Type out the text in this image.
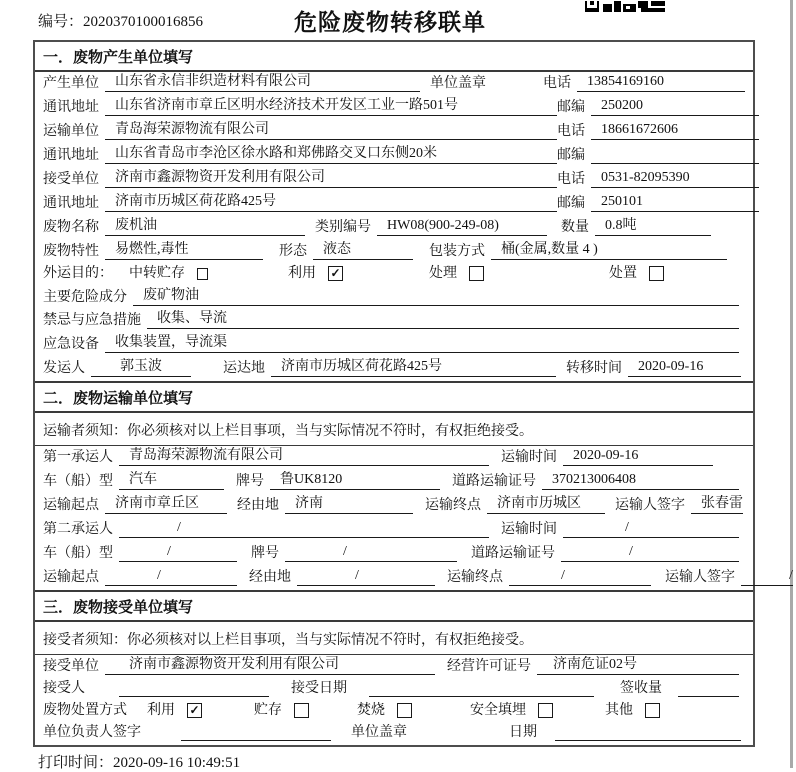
编号：2020370100016856	危险废物转移联单
一．废物产生单位填写
产生单位	山东省永信非织造材料有限公司	单位盖章	电话	13854169160
通讯地址	山东省济南市章丘区明水经济技术开发区工业一路501号	邮编	250200
运输单位	青岛海荣源物流有限公司	电话	18661672606
通讯地址	山东省青岛市李沧区徐水路和郑佛路交叉口东侧20米	邮编
接受单位	济南市鑫源物资开发利用有限公司	电话	0531-82095390
通讯地址	济南市历城区荷花路425号	邮编	250101
废物名称	废机油	类别编号	HW08(900-249-08)	数量	0.8吨
废物特性	易燃性,毒性	形态	液态	包装方式	桶(金属,数量 4 )
外运目的：	中转贮存	利用	✓	处理	处置
主要危险成分	废矿物油
禁忌与应急措施	收集、导流
应急设备	收集装置，导流渠
发运人	郭玉波	运达地	济南市历城区荷花路425号	转移时间	2020-09-16
二．废物运输单位填写
运输者须知：你必须核对以上栏目事项，当与实际情况不符时，有权拒绝接受。
第一承运人	青岛海荣源物流有限公司	运输时间	2020-09-16
车（船）型	汽车	牌号	鲁UK8120	道路运输证号	370213006408
运输起点	济南市章丘区	经由地	济南	运输终点	济南市历城区	运输人签字	张春雷
第二承运人	/	运输时间	/
车（船）型	/	牌号	/	道路运输证号	/
运输起点	/	经由地	/	运输终点	/	运输人签字	/
三．废物接受单位填写
接受者须知：你必须核对以上栏目事项，当与实际情况不符时，有权拒绝接受。
接受单位	济南市鑫源物资开发利用有限公司	经营许可证号	济南危证02号
接受人	接受日期	签收量
废物处置方式	利用	✓	贮存	焚烧	安全填埋	其他
单位负责人签字	单位盖章	日期
打印时间：2020-09-16 10:49:51
